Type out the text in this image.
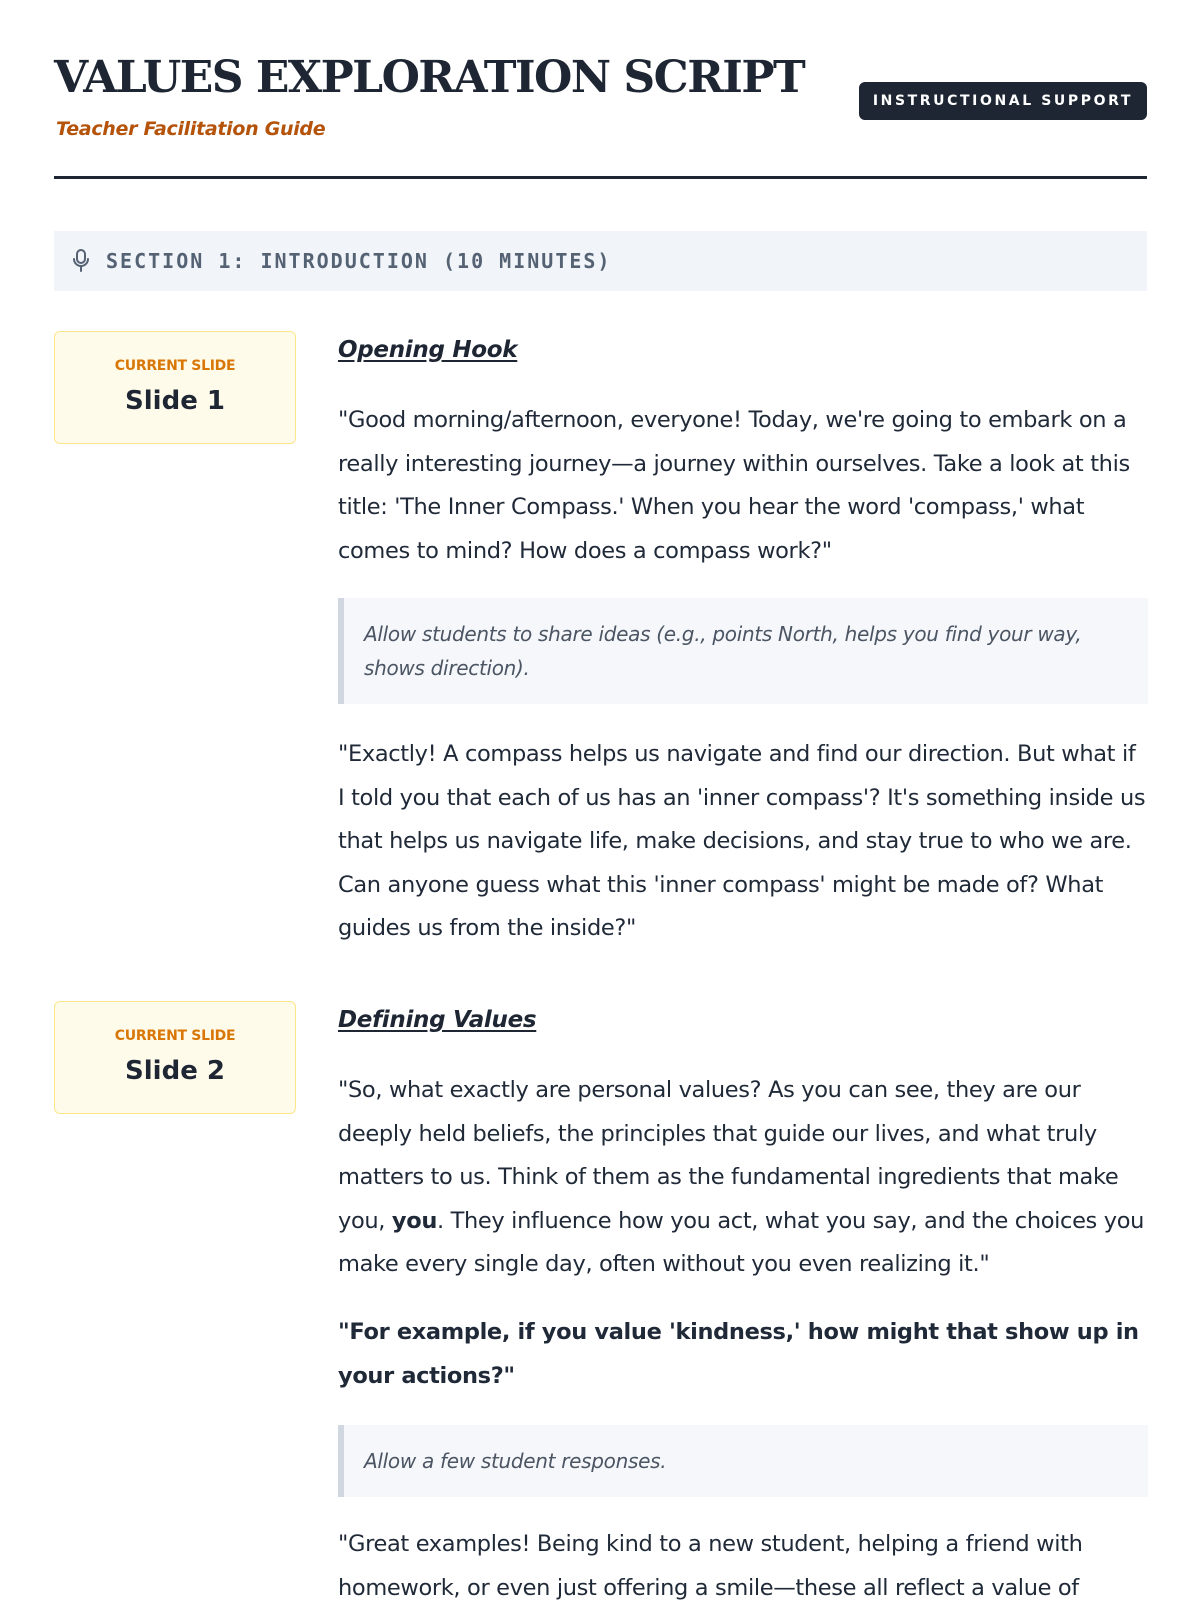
VALUES EXPLORATION SCRIPT
Teacher Facilitation Guide
INSTRUCTIONAL SUPPORT
SECTION 1: INTRODUCTION (10 MINUTES)
CURRENT SLIDE
Slide 1
Opening Hook

"Good morning/afternoon, everyone! Today, we're going to embark on a really interesting journey—a journey within ourselves. Take a look at this title: 'The Inner Compass.' When you hear the word 'compass,' what comes to mind? How does a compass work?"

Allow students to share ideas (e.g., points North, helps you find your way, shows direction).

"Exactly! A compass helps us navigate and find our direction. But what if I told you that each of us has an 'inner compass'? It's something inside us that helps us navigate life, make decisions, and stay true to who we are. Can anyone guess what this 'inner compass' might be made of? What guides us from the inside?"

CURRENT SLIDE
Slide 2
Defining Values

"So, what exactly are personal values? As you can see, they are our deeply held beliefs, the principles that guide our lives, and what truly matters to us. Think of them as the fundamental ingredients that make you, you. They influence how you act, what you say, and the choices you make every single day, often without you even realizing it."

"For example, if you value 'kindness,' how might that show up in your actions?"

Allow a few student responses.

"Great examples! Being kind to a new student, helping a friend with homework, or even just offering a smile—these all reflect a value of
